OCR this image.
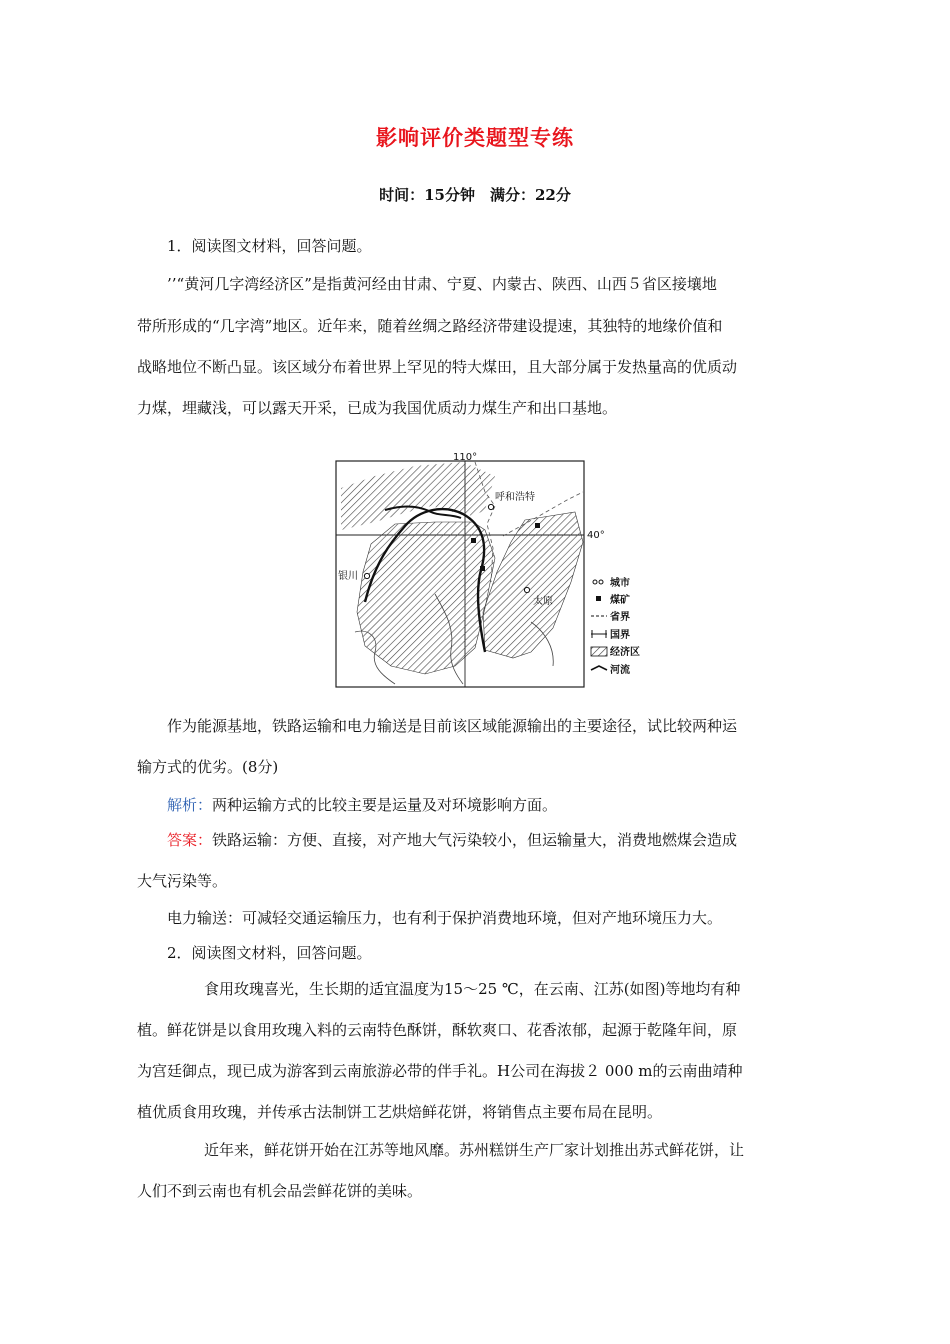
影响评价类题型专练
时间：15分钟　满分：22分
1．阅读图文材料，回答问题。
’’“黄河几字湾经济区”是指黄河经由甘肃、宁夏、内蒙古、陕西、山西５省区接壤地
带所形成的“几字湾”地区。近年来，随着丝绸之路经济带建设提速，其独特的地缘价值和
战略地位不断凸显。该区域分布着世界上罕见的特大煤田，且大部分属于发热量高的优质动
力煤，埋藏浅，可以露天开采，已成为我国优质动力煤生产和出口基地。
110°
40°
呼和浩特
银川
太原
城市
煤矿
省界
国界
经济区
河流
作为能源基地，铁路运输和电力输送是目前该区域能源输出的主要途径，试比较两种运
输方式的优劣。(8分)
解析：两种运输方式的比较主要是运量及对环境影响方面。
答案：铁路运输：方便、直接，对产地大气污染较小，但运输量大，消费地燃煤会造成
大气污染等。
电力输送：可减轻交通运输压力，也有利于保护消费地环境，但对产地环境压力大。
2．阅读图文材料，回答问题。
食用玫瑰喜光，生长期的适宜温度为15～25 ℃，在云南、江苏(如图)等地均有种
植。鲜花饼是以食用玫瑰入料的云南特色酥饼，酥软爽口、花香浓郁，起源于乾隆年间，原
为宫廷御点，现已成为游客到云南旅游必带的伴手礼。H公司在海拔２ 000 m的云南曲靖种
植优质食用玫瑰，并传承古法制饼工艺烘焙鲜花饼，将销售点主要布局在昆明。
近年来，鲜花饼开始在江苏等地风靡。苏州糕饼生产厂家计划推出苏式鲜花饼，让
人们不到云南也有机会品尝鲜花饼的美味。
